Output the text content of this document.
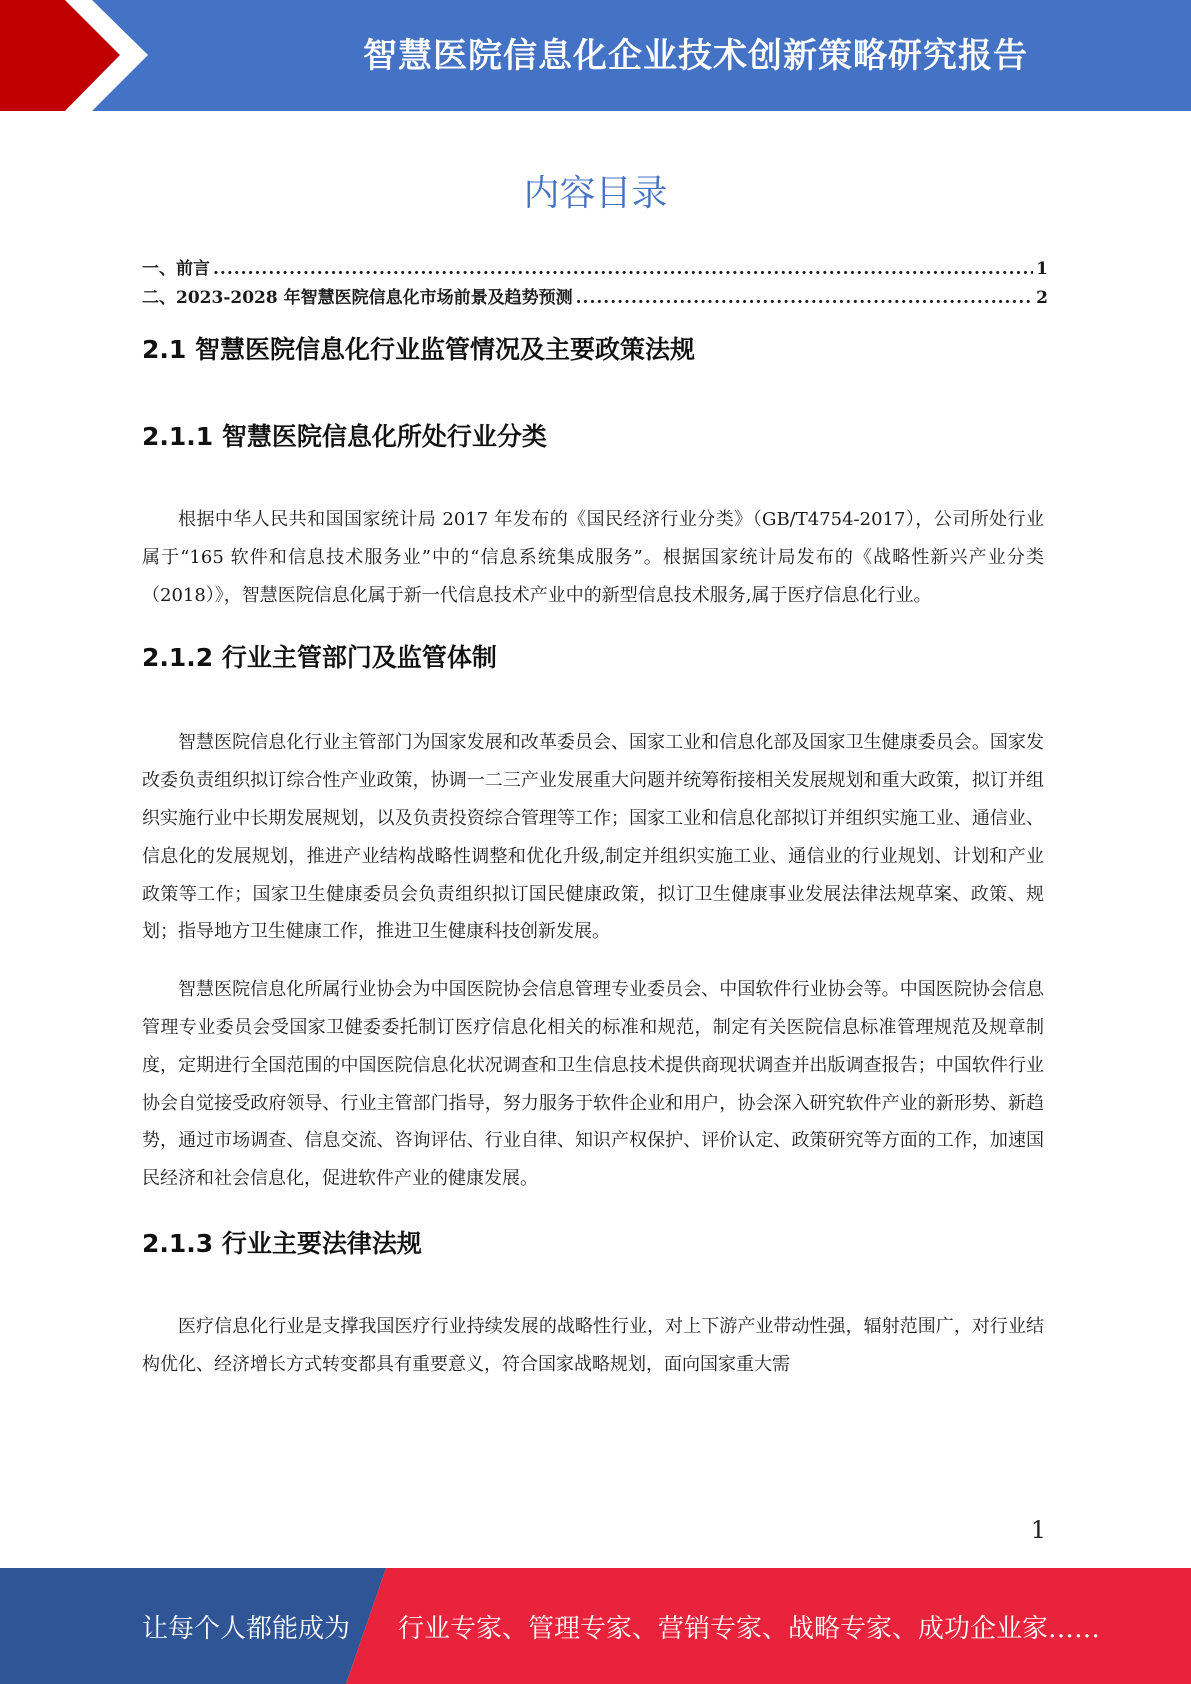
智慧医院信息化企业技术创新策略研究报告
内容目录
一、前言 .....	1
二、2023-2028 年智慧医院信息化市场前景及趋势预测 .....	2
2.1 智慧医院信息化行业监管情况及主要政策法规
2.1.1 智慧医院信息化所处行业分类

根据中华人民共和国国家统计局 2017 年发布的《国民经济行业分类》（GB/T4754-2017），公司所处行业属于“165 软件和信息技术服务业”中的“信息系统集成服务”。根据国家统计局发布的《战略性新兴产业分类（2018）》，智慧医院信息化属于新一代信息技术产业中的新型信息技术服务,属于医疗信息化行业。

2.1.2 行业主管部门及监管体制

智慧医院信息化行业主管部门为国家发展和改革委员会、国家工业和信息化部及国家卫生健康委员会。国家发改委负责组织拟订综合性产业政策，协调一二三产业发展重大问题并统筹衔接相关发展规划和重大政策，拟订并组织实施行业中长期发展规划，以及负责投资综合管理等工作；国家工业和信息化部拟订并组织实施工业、通信业、信息化的发展规划，推进产业结构战略性调整和优化升级,制定并组织实施工业、通信业的行业规划、计划和产业政策等工作；国家卫生健康委员会负责组织拟订国民健康政策，拟订卫生健康事业发展法律法规草案、政策、规划；指导地方卫生健康工作，推进卫生健康科技创新发展。

智慧医院信息化所属行业协会为中国医院协会信息管理专业委员会、中国软件行业协会等。中国医院协会信息管理专业委员会受国家卫健委委托制订医疗信息化相关的标准和规范，制定有关医院信息标准管理规范及规章制度，定期进行全国范围的中国医院信息化状况调查和卫生信息技术提供商现状调查并出版调查报告；中国软件行业协会自觉接受政府领导、行业主管部门指导，努力服务于软件企业和用户，协会深入研究软件产业的新形势、新趋势，通过市场调查、信息交流、咨询评估、行业自律、知识产权保护、评价认定、政策研究等方面的工作，加速国民经济和社会信息化，促进软件产业的健康发展。

2.1.3 行业主要法律法规

医疗信息化行业是支撑我国医疗行业持续发展的战略性行业，对上下游产业带动性强，辐射范围广，对行业结构优化、经济增长方式转变都具有重要意义，符合国家战略规划，面向国家重大需

1
让每个人都能成为 行业专家、管理专家、营销专家、战略专家、成功企业家……
